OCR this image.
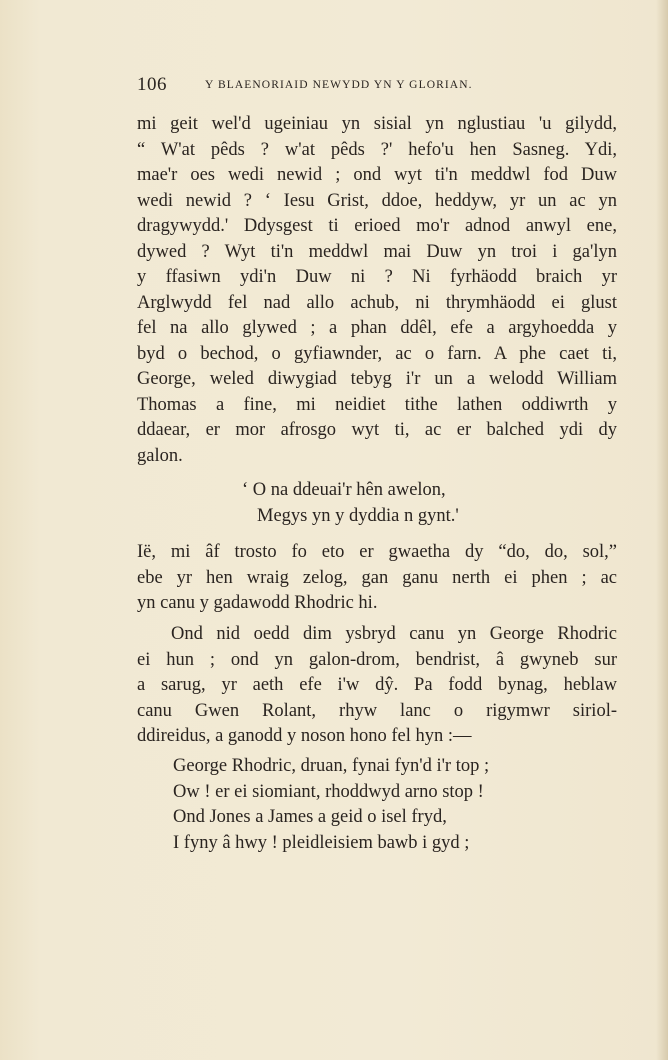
106	Y BLAENORIAID NEWYDD YN Y GLORIAN.
mi geit wel'd ugeiniau yn sisial yn nglustiau 'u gilydd,
“ W'at pêds ? w'at pêds ?' hefo'u hen Sasneg. Ydi,
mae'r oes wedi newid ; ond wyt ti'n meddwl fod Duw
wedi newid ? ‘ Iesu Grist, ddoe, heddyw, yr un ac yn
dragywydd.' Ddysgest ti erioed mo'r adnod anwyl ene,
dywed ? Wyt ti'n meddwl mai Duw yn troi i ga'lyn
y ffasiwn ydi'n Duw ni ? Ni fyrhäodd braich yr
Arglwydd fel nad allo achub, ni thrymhäodd ei glust
fel na allo glywed ; a phan ddêl, efe a argyhoedda y
byd o bechod, o gyfiawnder, ac o farn. A phe caet ti,
George, weled diwygiad tebyg i'r un a welodd William
Thomas a fine, mi neidiet tithe lathen oddiwrth y
ddaear, er mor afrosgo wyt ti, ac er balched ydi dy
galon.
‘ O na ddeuai'r hên awelon,
Megys yn y dyddia n gynt.'
Ië, mi âf trosto fo eto er gwaetha dy “do, do, sol,”
ebe yr hen wraig zelog, gan ganu nerth ei phen ; ac
yn canu y gadawodd Rhodric hi.
Ond nid oedd dim ysbryd canu yn George Rhodric
ei hun ; ond yn galon-drom, bendrist, â gwyneb sur
a sarug, yr aeth efe i'w dŷ. Pa fodd bynag, heblaw
canu Gwen Rolant, rhyw lanc o rigymwr siriol-
ddireidus, a ganodd y noson hono fel hyn :—
George Rhodric, druan, fynai fyn'd i'r top ;
Ow ! er ei siomiant, rhoddwyd arno stop !
Ond Jones a James a geid o isel fryd,
I fyny â hwy ! pleidleisiem bawb i gyd ;
